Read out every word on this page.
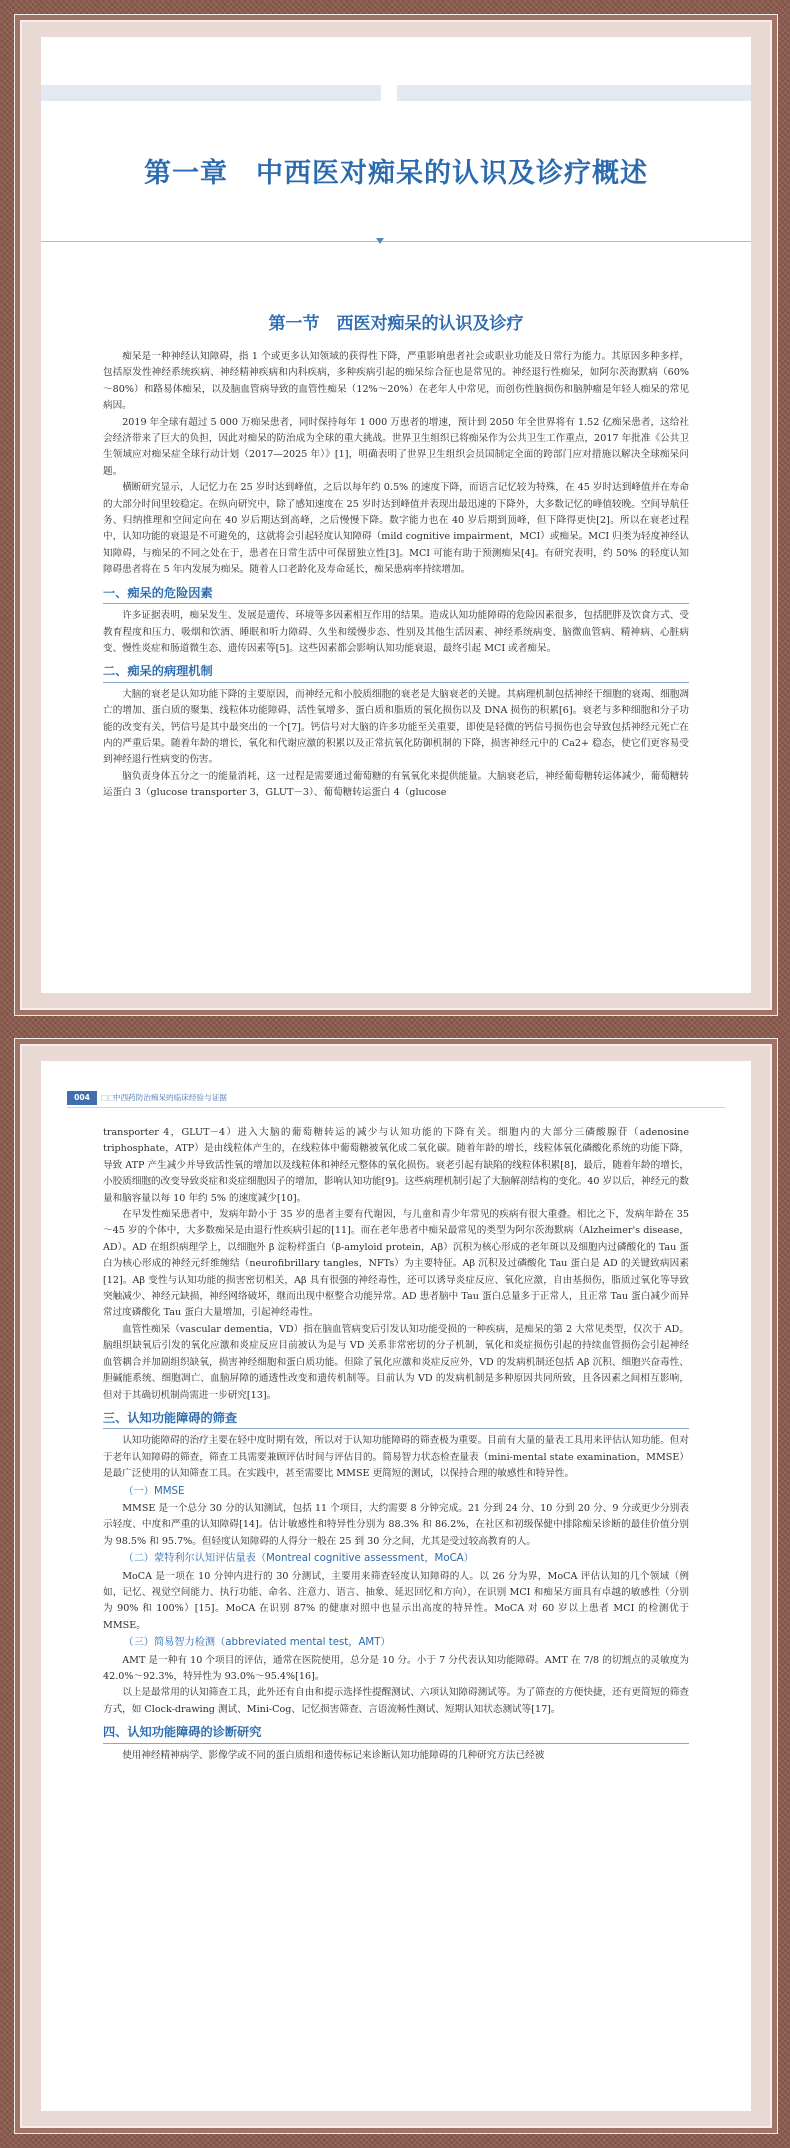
第一章　中西医对痴呆的认识及诊疗概述
第一节　西医对痴呆的认识及诊疗

痴呆是一种神经认知障碍，指 1 个或更多认知领域的获得性下降，严重影响患者社会或职业功能及日常行为能力。其原因多种多样，包括原发性神经系统疾病、神经精神疾病和内科疾病，多种疾病引起的痴呆综合征也是常见的。神经退行性痴呆，如阿尔茨海默病（60%～80%）和路易体痴呆，以及脑血管病导致的血管性痴呆（12%～20%）在老年人中常见，而创伤性脑损伤和脑肿瘤是年轻人痴呆的常见病因。

2019 年全球有超过 5 000 万痴呆患者，同时保持每年 1 000 万患者的增速，预计到 2050 年全世界将有 1.52 亿痴呆患者，这给社会经济带来了巨大的负担，因此对痴呆的防治成为全球的重大挑战。世界卫生组织已将痴呆作为公共卫生工作重点，2017 年批准《公共卫生领域应对痴呆症全球行动计划（2017—2025 年）》[1]，明确表明了世界卫生组织会员国制定全面的跨部门应对措施以解决全球痴呆问题。

横断研究显示，人记忆力在 25 岁时达到峰值，之后以每年约 0.5% 的速度下降，而语言记忆较为特殊，在 45 岁时达到峰值并在寿命的大部分时间里较稳定。在纵向研究中，除了感知速度在 25 岁时达到峰值并表现出最迅速的下降外，大多数记忆的峰值较晚。空间导航任务、归纳推理和空间定向在 40 岁后期达到高峰，之后慢慢下降。数字能力也在 40 岁后期到顶峰，但下降得更快[2]。所以在衰老过程中，认知功能的衰退是不可避免的，这就将会引起轻度认知障碍（mild cognitive impairment，MCI）或痴呆。MCI 归类为轻度神经认知障碍，与痴呆的不同之处在于，患者在日常生活中可保留独立性[3]。MCI 可能有助于预测痴呆[4]。有研究表明，约 50% 的轻度认知障碍患者将在 5 年内发展为痴呆。随着人口老龄化及寿命延长，痴呆患病率持续增加。

一、痴呆的危险因素

许多证据表明，痴呆发生、发展是遗传、环境等多因素相互作用的结果。造成认知功能障碍的危险因素很多，包括肥胖及饮食方式、受教育程度和压力、吸烟和饮酒、睡眠和听力障碍、久坐和缓慢步态、性别及其他生活因素、神经系统病变、脑微血管病、精神病、心脏病变、慢性炎症和肠道微生态、遗传因素等[5]。这些因素都会影响认知功能衰退，最终引起 MCI 或者痴呆。

二、痴呆的病理机制

大脑的衰老是认知功能下降的主要原因，而神经元和小胶质细胞的衰老是大脑衰老的关键。其病理机制包括神经干细胞的衰竭、细胞凋亡的增加、蛋白质的聚集、线粒体功能障碍、活性氧增多、蛋白质和脂质的氧化损伤以及 DNA 损伤的积累[6]。衰老与多种细胞和分子功能的改变有关，钙信号是其中最突出的一个[7]。钙信号对大脑的许多功能至关重要，即使是轻微的钙信号损伤也会导致包括神经元死亡在内的严重后果。随着年龄的增长，氧化和代谢应激的积累以及正常抗氧化防御机制的下降，损害神经元中的 Ca2+ 稳态，使它们更容易受到神经退行性病变的伤害。

脑负责身体五分之一的能量消耗，这一过程是需要通过葡萄糖的有氧氧化来提供能量。大脑衰老后，神经葡萄糖转运体减少，葡萄糖转运蛋白 3（glucose transporter 3，GLUT－3）、葡萄糖转运蛋白 4（glucose

004	□□
中西药防治痴呆的临床经验与证据

transporter 4，GLUT－4）进入大脑的葡萄糖转运的减少与认知功能的下降有关。细胞内的大部分三磷酸腺苷（adenosine triphosphate，ATP）是由线粒体产生的，在线粒体中葡萄糖被氧化成二氧化碳。随着年龄的增长，线粒体氧化磷酸化系统的功能下降，导致 ATP 产生减少并导致活性氧的增加以及线粒体和神经元整体的氧化损伤。衰老引起有缺陷的线粒体积累[8]，最后，随着年龄的增长，小胶质细胞的改变导致炎症和炎症细胞因子的增加，影响认知功能[9]。这些病理机制引起了大脑解剖结构的变化。40 岁以后，神经元的数量和脑容量以每 10 年约 5% 的速度减少[10]。

在早发性痴呆患者中，发病年龄小于 35 岁的患者主要有代谢因，与儿童和青少年常见的疾病有很大重叠。相比之下，发病年龄在 35～45 岁的个体中，大多数痴呆是由退行性疾病引起的[11]。而在老年患者中痴呆最常见的类型为阿尔茨海默病（Alzheimer's disease，AD）。AD 在组织病理学上，以细胞外 β 淀粉样蛋白（β-amyloid protein，Aβ）沉积为核心形成的老年斑以及细胞内过磷酸化的 Tau 蛋白为核心形成的神经元纤维缠结（neurofibrillary tangles，NFTs）为主要特征。Aβ 沉积及过磷酸化 Tau 蛋白是 AD 的关键致病因素[12]。Aβ 变性与认知功能的损害密切相关，Aβ 具有很强的神经毒性，还可以诱导炎症反应、氧化应激，自由基损伤，脂质过氧化等导致突触减少、神经元缺损，神经网络破坏，继而出现中枢整合功能异常。AD 患者脑中 Tau 蛋白总量多于正常人，且正常 Tau 蛋白减少而异常过度磷酸化 Tau 蛋白大量增加，引起神经毒性。

血管性痴呆（vascular dementia，VD）指在脑血管病变后引发认知功能受损的一种疾病，是痴呆的第 2 大常见类型，仅次于 AD。脑组织缺氧后引发的氧化应激和炎症反应目前被认为是与 VD 关系非常密切的分子机制，氧化和炎症损伤引起的持续血管损伤会引起神经血管耦合并加剧组织缺氧，损害神经细胞和蛋白质功能。但除了氧化应激和炎症反应外，VD 的发病机制还包括 Aβ 沉积、细胞兴奋毒性、胆碱能系统、细胞凋亡、血脑屏障的通透性改变和遗传机制等。目前认为 VD 的发病机制是多种原因共同所致，且各因素之间相互影响，但对于其确切机制尚需进一步研究[13]。

三、认知功能障碍的筛查

认知功能障碍的治疗主要在轻中度时期有效，所以对于认知功能障碍的筛查极为重要。目前有大量的量表工具用来评估认知功能。但对于老年认知障碍的筛查，筛查工具需要兼顾评估时间与评估目的。简易智力状态检查量表（mini-mental state examination，MMSE）是最广泛使用的认知筛查工具。在实践中，甚至需要比 MMSE 更简短的测试，以保持合理的敏感性和特异性。

（一）MMSE

MMSE 是一个总分 30 分的认知测试，包括 11 个项目，大约需要 8 分钟完成。21 分到 24 分、10 分到 20 分、9 分或更少分别表示轻度、中度和严重的认知障碍[14]。估计敏感性和特异性分别为 88.3% 和 86.2%，在社区和初级保健中排除痴呆诊断的最佳价值分别为 98.5% 和 95.7%。但轻度认知障碍的人得分一般在 25 到 30 分之间，尤其是受过较高教育的人。

（二）蒙特利尔认知评估量表（Montreal cognitive assessment，MoCA）

MoCA 是一项在 10 分钟内进行的 30 分测试，主要用来筛查轻度认知障碍的人。以 26 分为界，MoCA 评估认知的几个领域（例如，记忆、视觉空间能力、执行功能、命名、注意力、语言、抽象、延迟回忆和方向），在识别 MCI 和痴呆方面具有卓越的敏感性（分别为 90% 和 100%）[15]。MoCA 在识别 87% 的健康对照中也显示出高度的特异性。MoCA 对 60 岁以上患者 MCI 的检测优于 MMSE。

（三）简易智力检测（abbreviated mental test，AMT）

AMT 是一种有 10 个项目的评估，通常在医院使用，总分是 10 分。小于 7 分代表认知功能障碍。AMT 在 7/8 的切割点的灵敏度为 42.0%～92.3%，特异性为 93.0%～95.4%[16]。

以上是最常用的认知筛查工具，此外还有自由和提示选择性提醒测试、六项认知障碍测试等。为了筛查的方便快捷，还有更简短的筛查方式，如 Clock-drawing 测试、Mini-Cog、记忆损害筛查、言语流畅性测试、短期认知状态测试等[17]。

四、认知功能障碍的诊断研究

使用神经精神病学、影像学或不同的蛋白质组和遗传标记来诊断认知功能障碍的几种研究方法已经被
